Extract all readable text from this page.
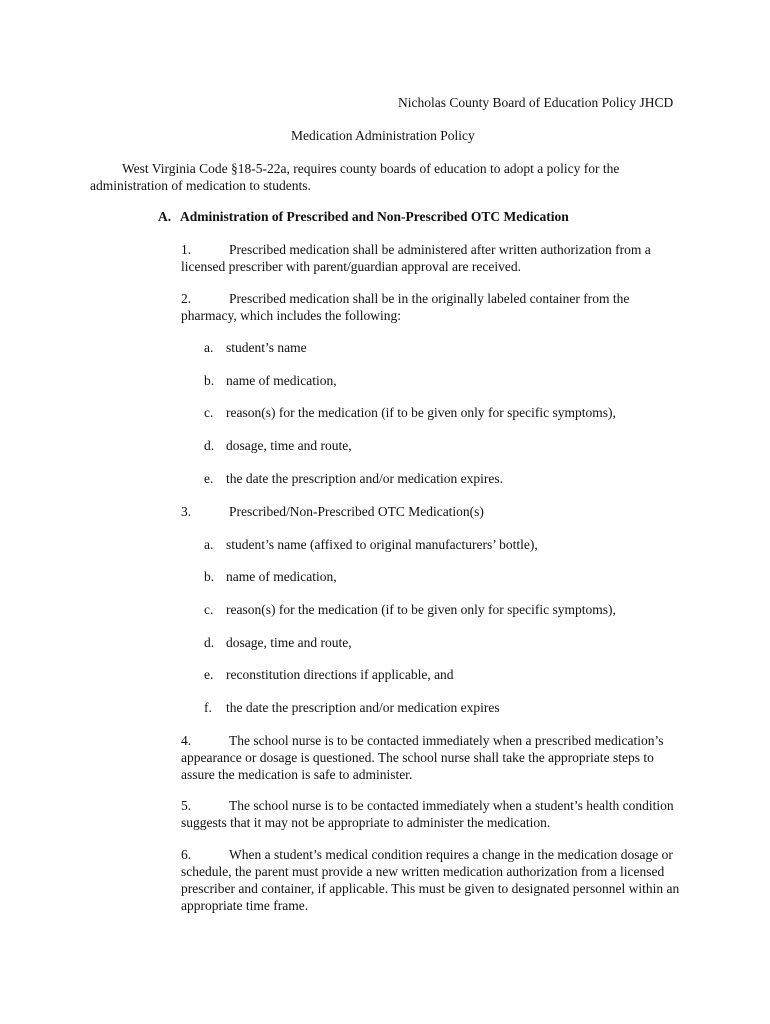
Nicholas County Board of Education Policy JHCD
Medication Administration Policy
West Virginia Code §18-5-22a, requires county boards of education to adopt a policy for the administration of medication to students.
A. Administration of Prescribed and Non-Prescribed OTC Medication
1.	Prescribed medication shall be administered after written authorization from a licensed prescriber with parent/guardian approval are received.
2.	Prescribed medication shall be in the originally labeled container from the pharmacy, which includes the following:
a. student’s name
b. name of medication,
c. reason(s) for the medication (if to be given only for specific symptoms),
d. dosage, time and route,
e. the date the prescription and/or medication expires.
3.	Prescribed/Non-Prescribed OTC Medication(s)
a. student’s name (affixed to original manufacturers’ bottle),
b. name of medication,
c. reason(s) for the medication (if to be given only for specific symptoms),
d. dosage, time and route,
e. reconstitution directions if applicable, and
f. the date the prescription and/or medication expires
4.	The school nurse is to be contacted immediately when a prescribed medication’s appearance or dosage is questioned. The school nurse shall take the appropriate steps to assure the medication is safe to administer.
5.	The school nurse is to be contacted immediately when a student’s health condition suggests that it may not be appropriate to administer the medication.
6.	When a student’s medical condition requires a change in the medication dosage or schedule, the parent must provide a new written medication authorization from a licensed prescriber and container, if applicable. This must be given to designated personnel within an appropriate time frame.
